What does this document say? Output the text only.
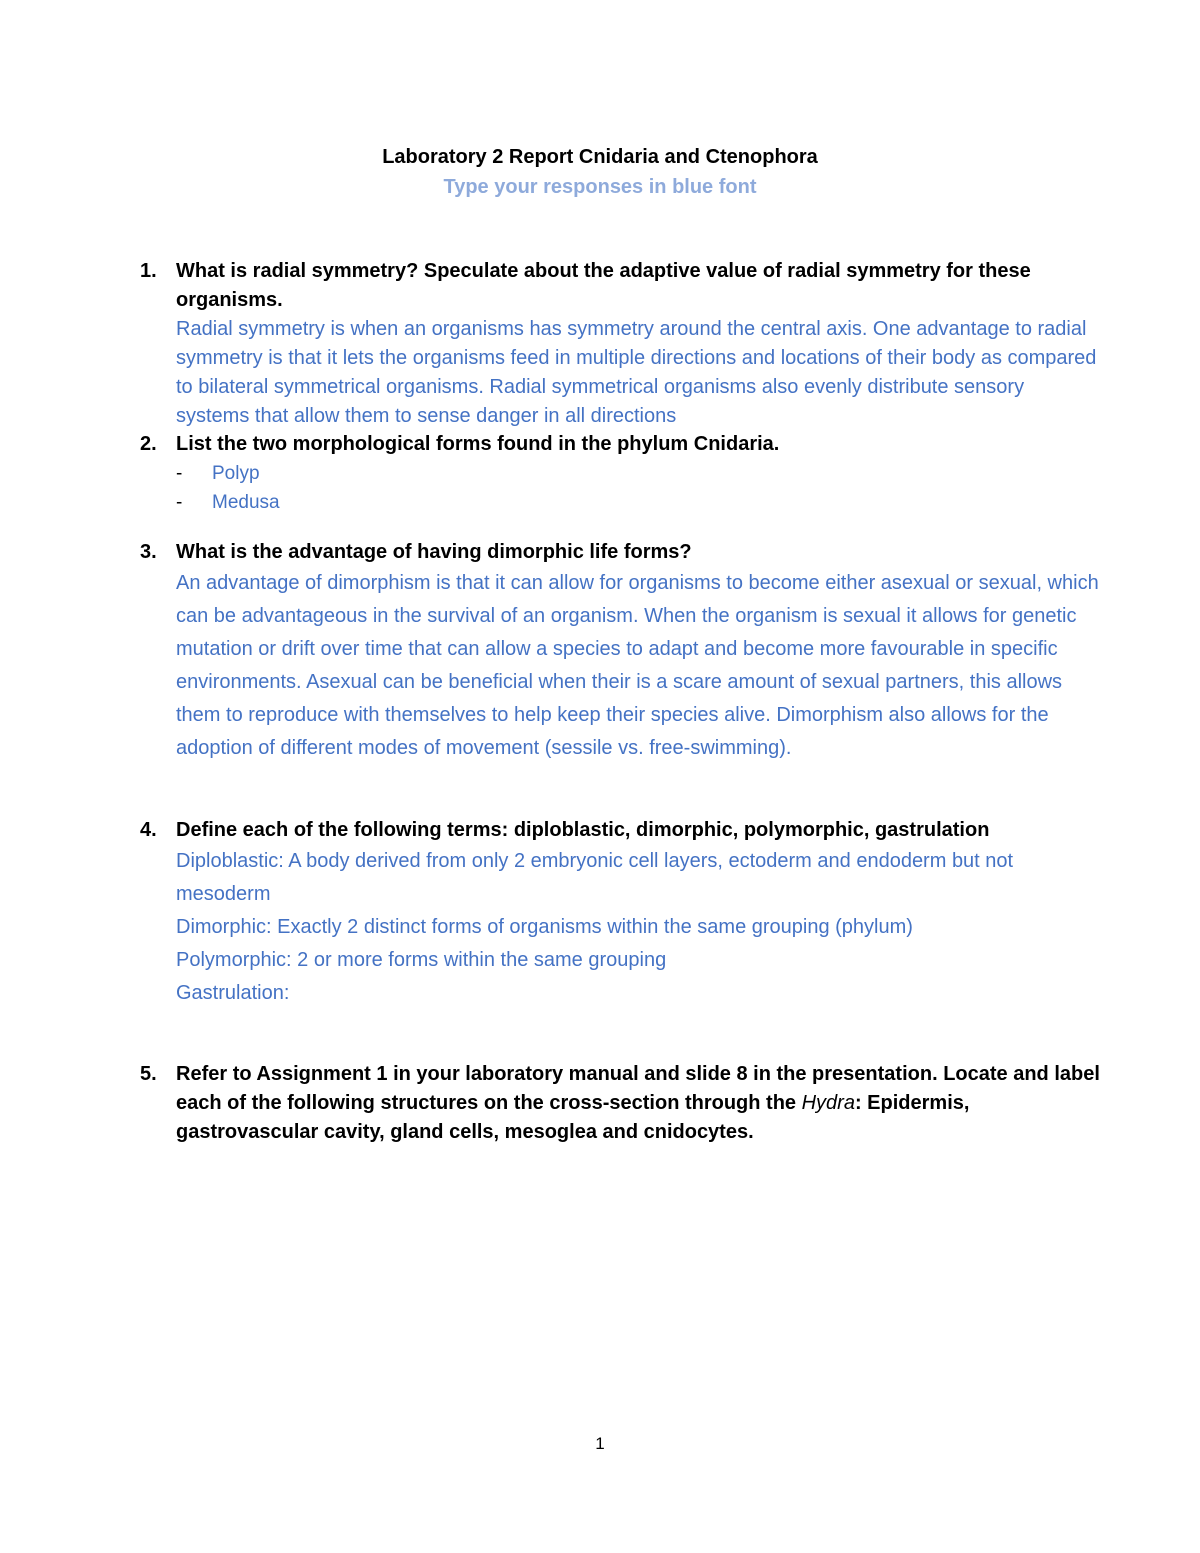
Laboratory 2 Report Cnidaria and Ctenophora
Type your responses in blue font
1. What is radial symmetry? Speculate about the adaptive value of radial symmetry for these organisms.
Radial symmetry is when an organisms has symmetry around the central axis. One advantage to radial symmetry is that it lets the organisms feed in multiple directions and locations of their body as compared to bilateral symmetrical organisms. Radial symmetrical organisms also evenly distribute sensory systems that allow them to sense danger in all directions
2. List the two morphological forms found in the phylum Cnidaria.
- Polyp
- Medusa
3. What is the advantage of having dimorphic life forms?
An advantage of dimorphism is that it can allow for organisms to become either asexual or sexual, which can be advantageous in the survival of an organism. When the organism is sexual it allows for genetic mutation or drift over time that can allow a species to adapt and become more favourable in specific environments. Asexual can be beneficial when their is a scare amount of sexual partners, this allows them to reproduce with themselves to help keep their species alive. Dimorphism also allows for the adoption of different modes of movement (sessile vs. free-swimming).
4. Define each of the following terms: diploblastic, dimorphic, polymorphic, gastrulation
Diploblastic: A body derived from only 2 embryonic cell layers, ectoderm and endoderm but not mesoderm
Dimorphic: Exactly 2 distinct forms of organisms within the same grouping (phylum)
Polymorphic: 2 or more forms within the same grouping
Gastrulation:
5. Refer to Assignment 1 in your laboratory manual and slide 8 in the presentation. Locate and label each of the following structures on the cross-section through the Hydra: Epidermis, gastrovascular cavity, gland cells, mesoglea and cnidocytes.
1
